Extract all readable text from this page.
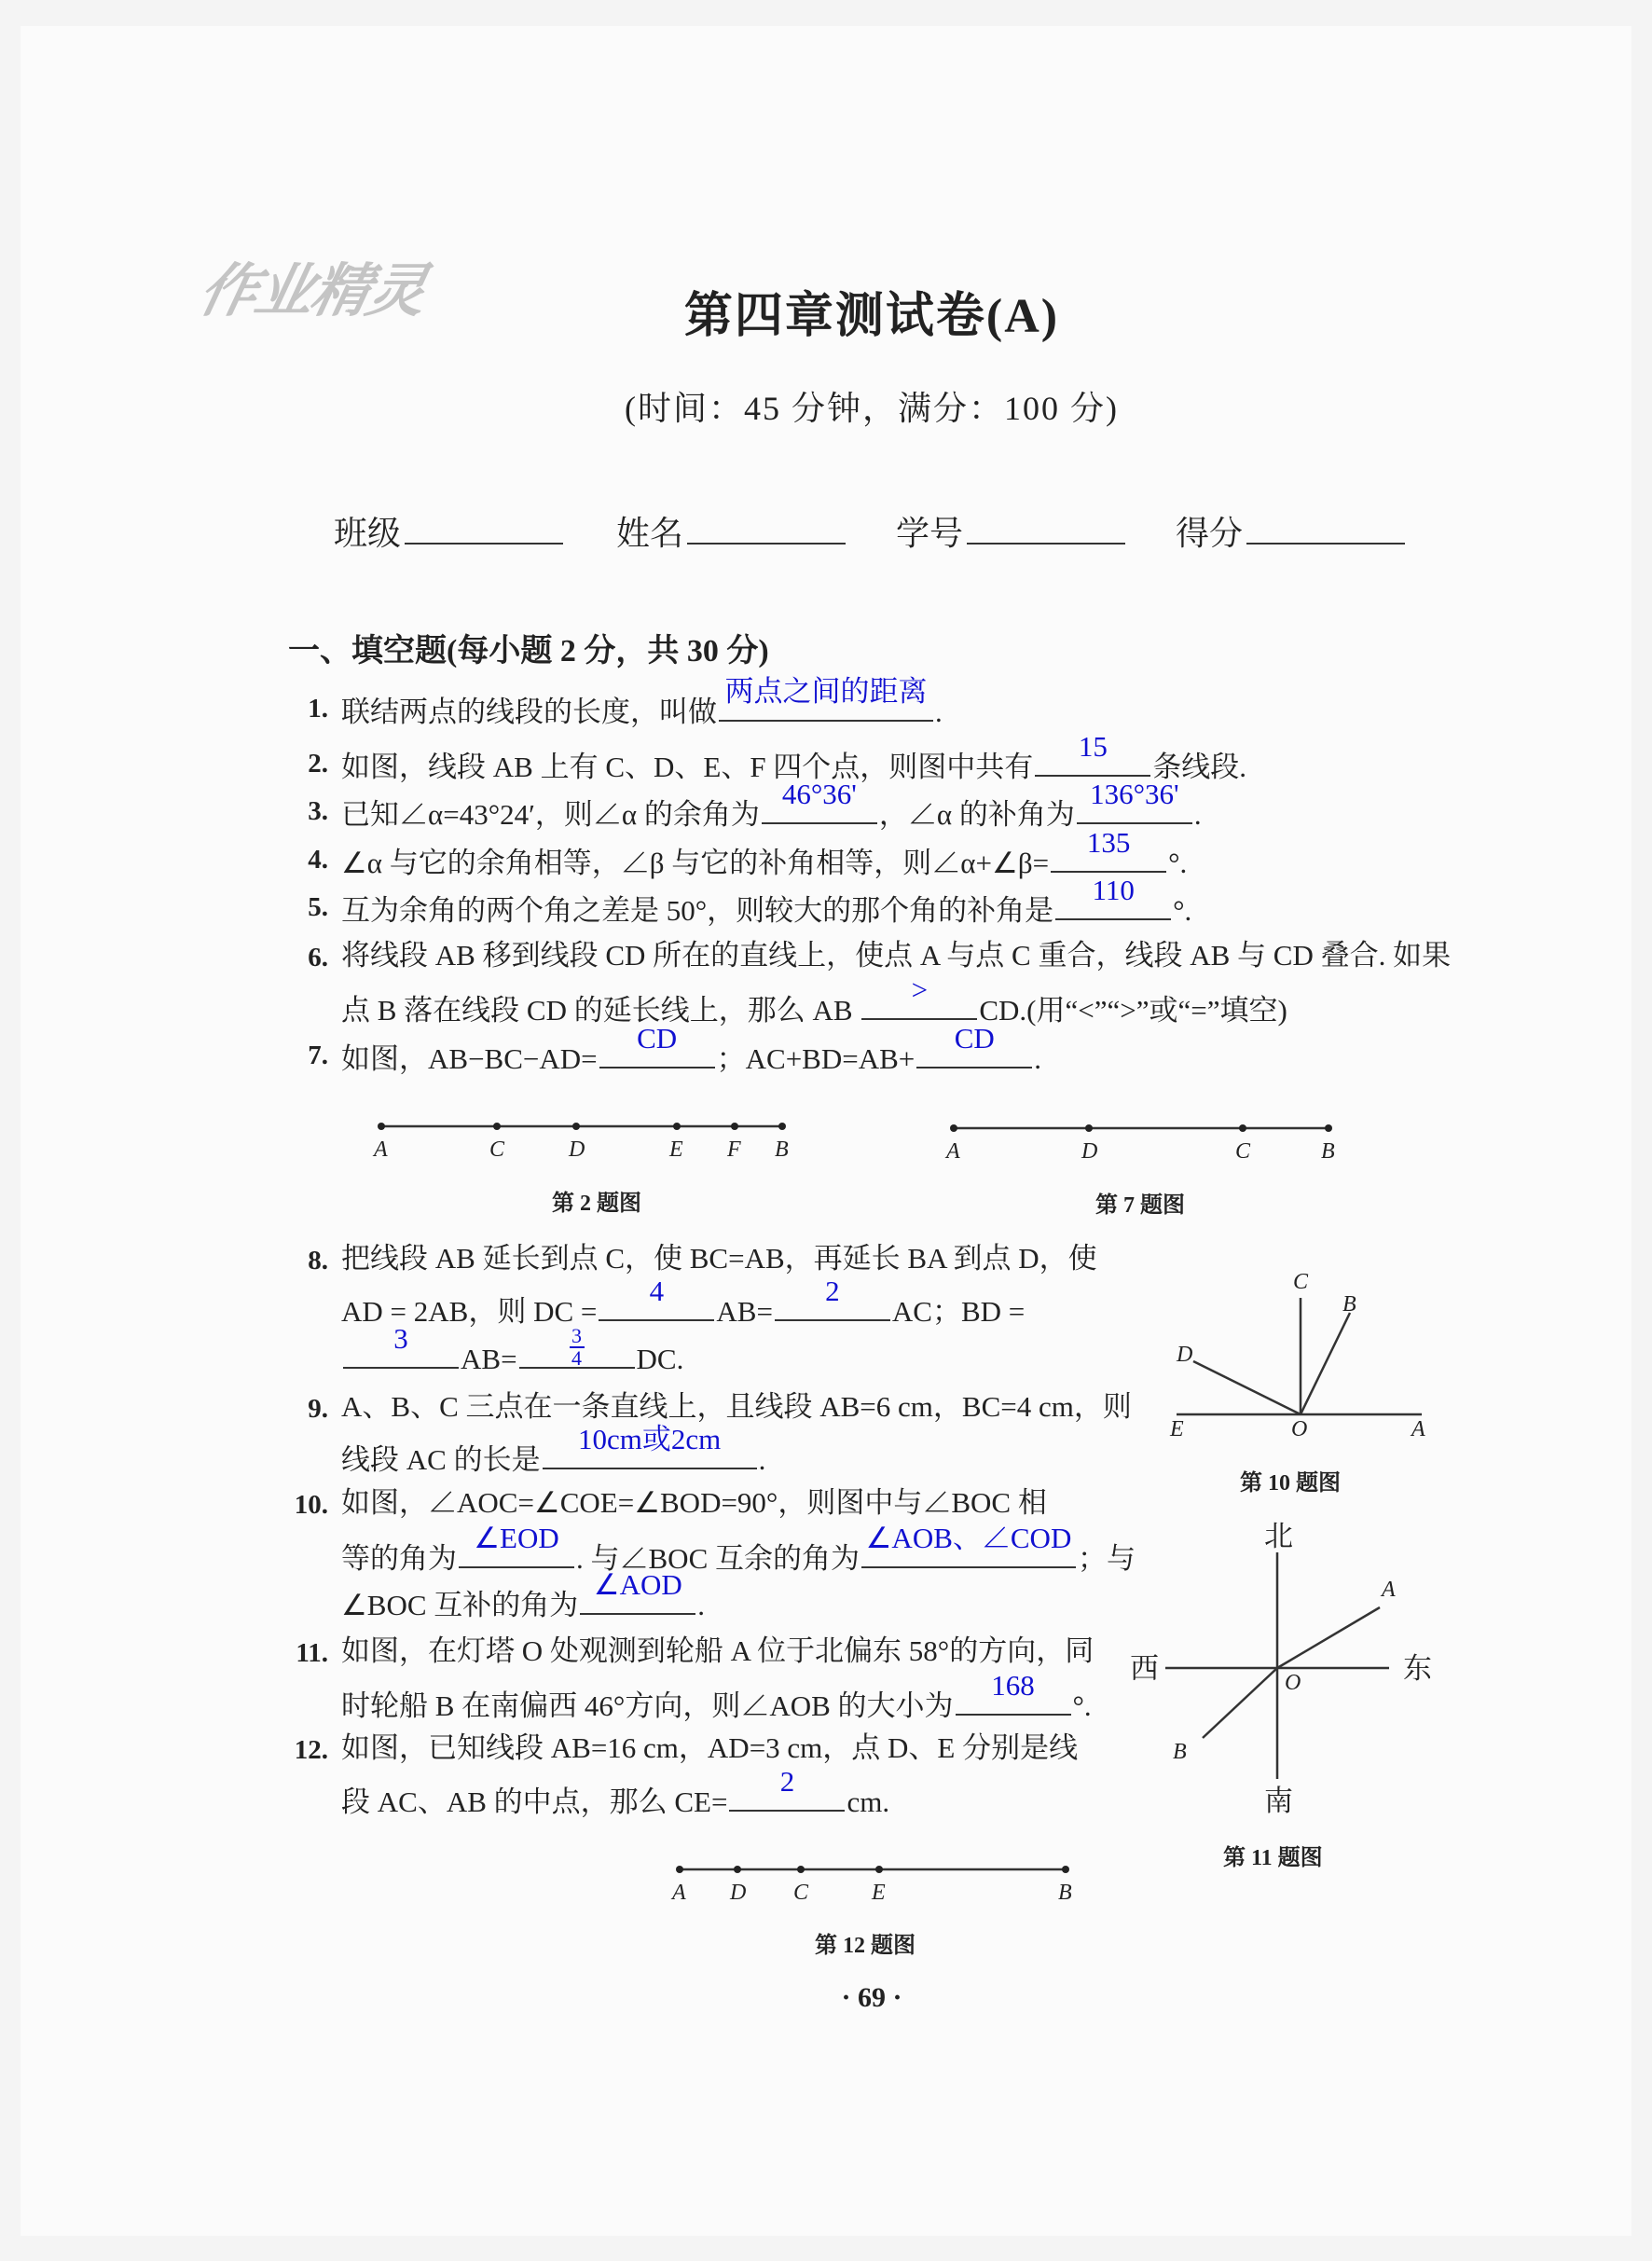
作业精灵	第四章测试卷(A)
(时间：45 分钟，满分：100 分)
班级	姓名	学号	得分
一、填空题(每小题 2 分，共 30 分)
1. 联结两点的线段的长度，叫做
两点之间的距离
.
2. 如图，线段 AB 上有 C、D、E、F 四个点，则图中共有
15
条线段.
3. 已知∠α=43°24′，则∠α 的余角为
46°36'
，∠α 的补角为
136°36'
.
4. ∠α 与它的余角相等，∠β 与它的补角相等，则∠α+∠β=
135
°.
5. 互为余角的两个角之差是 50°，则较大的那个角的补角是
110
°.
6. 将线段 AB 移到线段 CD 所在的直线上，使点 A 与点 C 重合，线段 AB 与 CD 叠合. 如果
点 B 落在线段 CD 的延长线上，那么 AB
>
CD.(用“<”“>”或“=”填空)
7. 如图，AB−BC−AD=
CD
；AC+BD=AB+
CD
.
8. 把线段 AB 延长到点 C，使 BC=AB，再延长 BA 到点 D，使
AD = 2AB，则 DC =
4
AB=
2
AC；BD =
3
AB=	$\frac{3}{4}$ DC.
9. A、B、C 三点在一条直线上，且线段 AB=6 cm，BC=4 cm，则
线段 AC 的长是
10cm或2cm
.
10. 如图，∠AOC=∠COE=∠BOD=90°，则图中与∠BOC 相
等的角为
∠EOD
. 与∠BOC 互余的角为
∠AOB、∠COD
；与
∠BOC 互补的角为
∠AOD
.
11. 如图，在灯塔 O 处观测到轮船 A 位于北偏东 58°的方向，同
时轮船 B 在南偏西 46°方向，则∠AOB 的大小为
168
°.
12. 如图，已知线段 AB=16 cm，AD=3 cm，点 D、E 分别是线
段 AC、AB 的中点，那么 CE=
2
cm.
A	C	D	E F B
第 2 题图
A	D	C	B
第 7 题图
C
B
D
E	O	A
第 10 题图
北
南
西	东
A
B
O
第 11 题图
A D C	E	B
第 12 题图
· 69 ·
